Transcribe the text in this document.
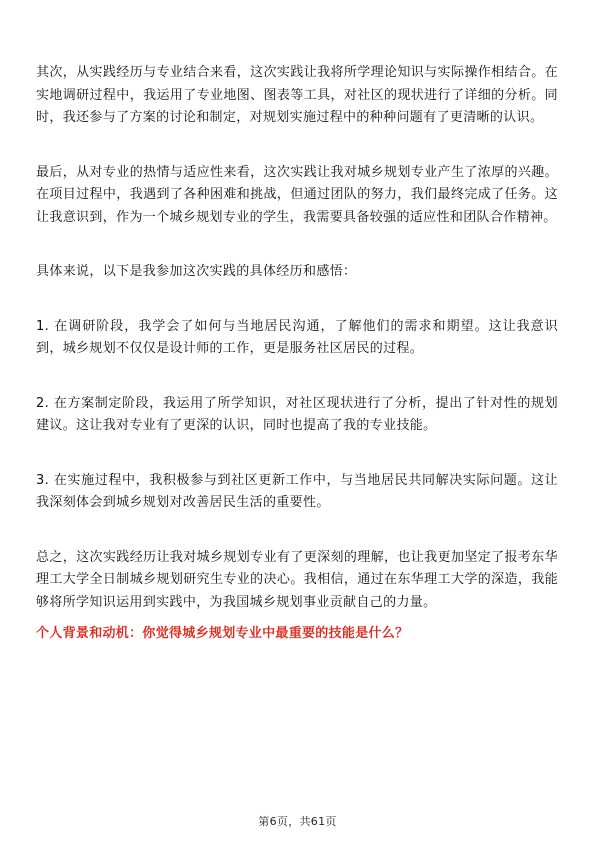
其次，从实践经历与专业结合来看，这次实践让我将所学理论知识与实际操作相结合。在实地调研过程中，我运用了专业地图、图表等工具，对社区的现状进行了详细的分析。同时，我还参与了方案的讨论和制定，对规划实施过程中的种种问题有了更清晰的认识。

最后，从对专业的热情与适应性来看，这次实践让我对城乡规划专业产生了浓厚的兴趣。在项目过程中，我遇到了各种困难和挑战，但通过团队的努力，我们最终完成了任务。这让我意识到，作为一个城乡规划专业的学生，我需要具备较强的适应性和团队合作精神。

具体来说，以下是我参加这次实践的具体经历和感悟：

1. 在调研阶段，我学会了如何与当地居民沟通，了解他们的需求和期望。这让我意识到，城乡规划不仅仅是设计师的工作，更是服务社区居民的过程。

2. 在方案制定阶段，我运用了所学知识，对社区现状进行了分析，提出了针对性的规划建议。这让我对专业有了更深的认识，同时也提高了我的专业技能。

3. 在实施过程中，我积极参与到社区更新工作中，与当地居民共同解决实际问题。这让我深刻体会到城乡规划对改善居民生活的重要性。

总之，这次实践经历让我对城乡规划专业有了更深刻的理解，也让我更加坚定了报考东华理工大学全日制城乡规划研究生专业的决心。我相信，通过在东华理工大学的深造，我能够将所学知识运用到实践中，为我国城乡规划事业贡献自己的力量。

个人背景和动机：你觉得城乡规划专业中最重要的技能是什么？

第6页，共61页
